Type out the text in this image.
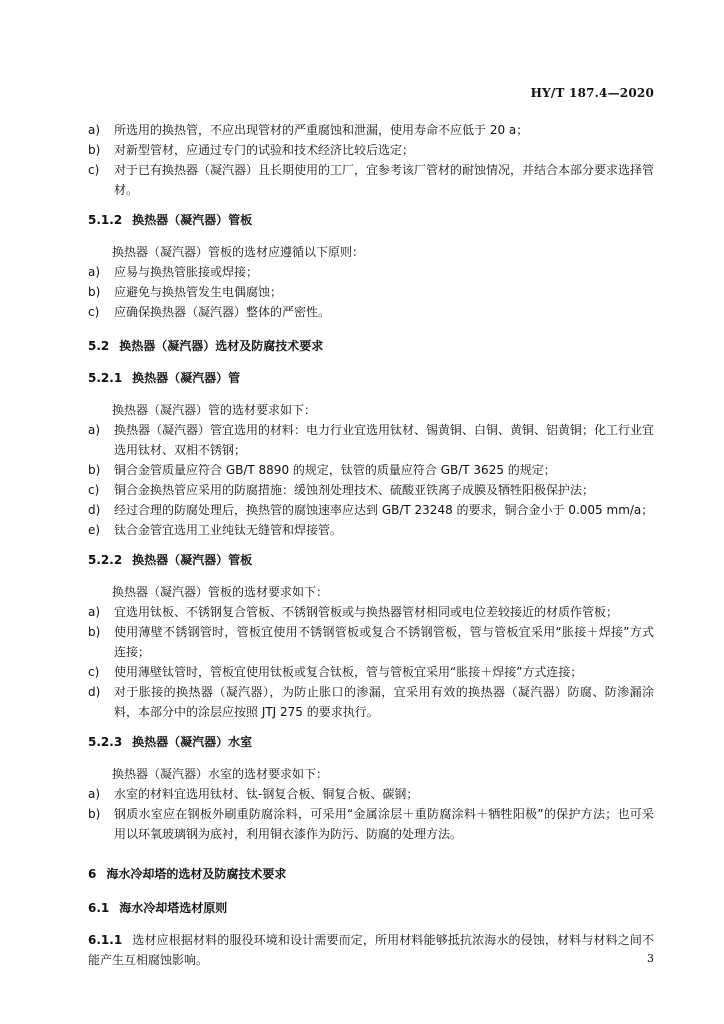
HY/T 187.4—2020
a)	所选用的换热管，不应出现管材的严重腐蚀和泄漏，使用寿命不应低于 20 a；
b)	对新型管材，应通过专门的试验和技术经济比较后选定；
c)	对于已有换热器（凝汽器）且长期使用的工厂，宜参考该厂管材的耐蚀情况，并结合本部分要求选择管材。
5.1.2 换热器（凝汽器）管板

换热器（凝汽器）管板的选材应遵循以下原则：

a)	应易与换热管胀接或焊接；
b)	应避免与换热管发生电偶腐蚀；
c)	应确保换热器（凝汽器）整体的严密性。
5.2 换热器（凝汽器）选材及防腐技术要求
5.2.1 换热器（凝汽器）管

换热器（凝汽器）管的选材要求如下：

a)	换热器（凝汽器）管宜选用的材料：电力行业宜选用钛材、锡黄铜、白铜、黄铜、铝黄铜；化工行业宜选用钛材、双相不锈钢；
b)	铜合金管质量应符合 GB/T 8890 的规定，钛管的质量应符合 GB/T 3625 的规定；
c)	铜合金换热管应采用的防腐措施：缓蚀剂处理技术、硫酸亚铁离子成膜及牺牲阳极保护法；
d)	经过合理的防腐处理后，换热管的腐蚀速率应达到 GB/T 23248 的要求，铜合金小于 0.005 mm/a；
e)	钛合金管宜选用工业纯钛无缝管和焊接管。
5.2.2 换热器（凝汽器）管板

换热器（凝汽器）管板的选材要求如下：

a)	宜选用钛板、不锈钢复合管板、不锈钢管板或与换热器管材相同或电位差较接近的材质作管板；
b)	使用薄壁不锈钢管时，管板宜使用不锈钢管板或复合不锈钢管板，管与管板宜采用“胀接＋焊接”方式连接；
c)	使用薄壁钛管时，管板宜使用钛板或复合钛板，管与管板宜采用“胀接＋焊接”方式连接；
d)	对于胀接的换热器（凝汽器），为防止胀口的渗漏，宜采用有效的换热器（凝汽器）防腐、防渗漏涂料，本部分中的涂层应按照 JTJ 275 的要求执行。
5.2.3 换热器（凝汽器）水室

换热器（凝汽器）水室的选材要求如下：

a)	水室的材料宜选用钛材、钛-钢复合板、铜复合板、碳钢；
b)	钢质水室应在钢板外刷重防腐涂料，可采用“金属涂层＋重防腐涂料＋牺牲阳极”的保护方法；也可采用以环氧玻璃钢为底衬，利用铜衣漆作为防污、防腐的处理方法。
6 海水冷却塔的选材及防腐技术要求
6.1 海水冷却塔选材原则

6.1.1 选材应根据材料的服役环境和设计需要而定，所用材料能够抵抗浓海水的侵蚀，材料与材料之间不能产生互相腐蚀影响。	3
